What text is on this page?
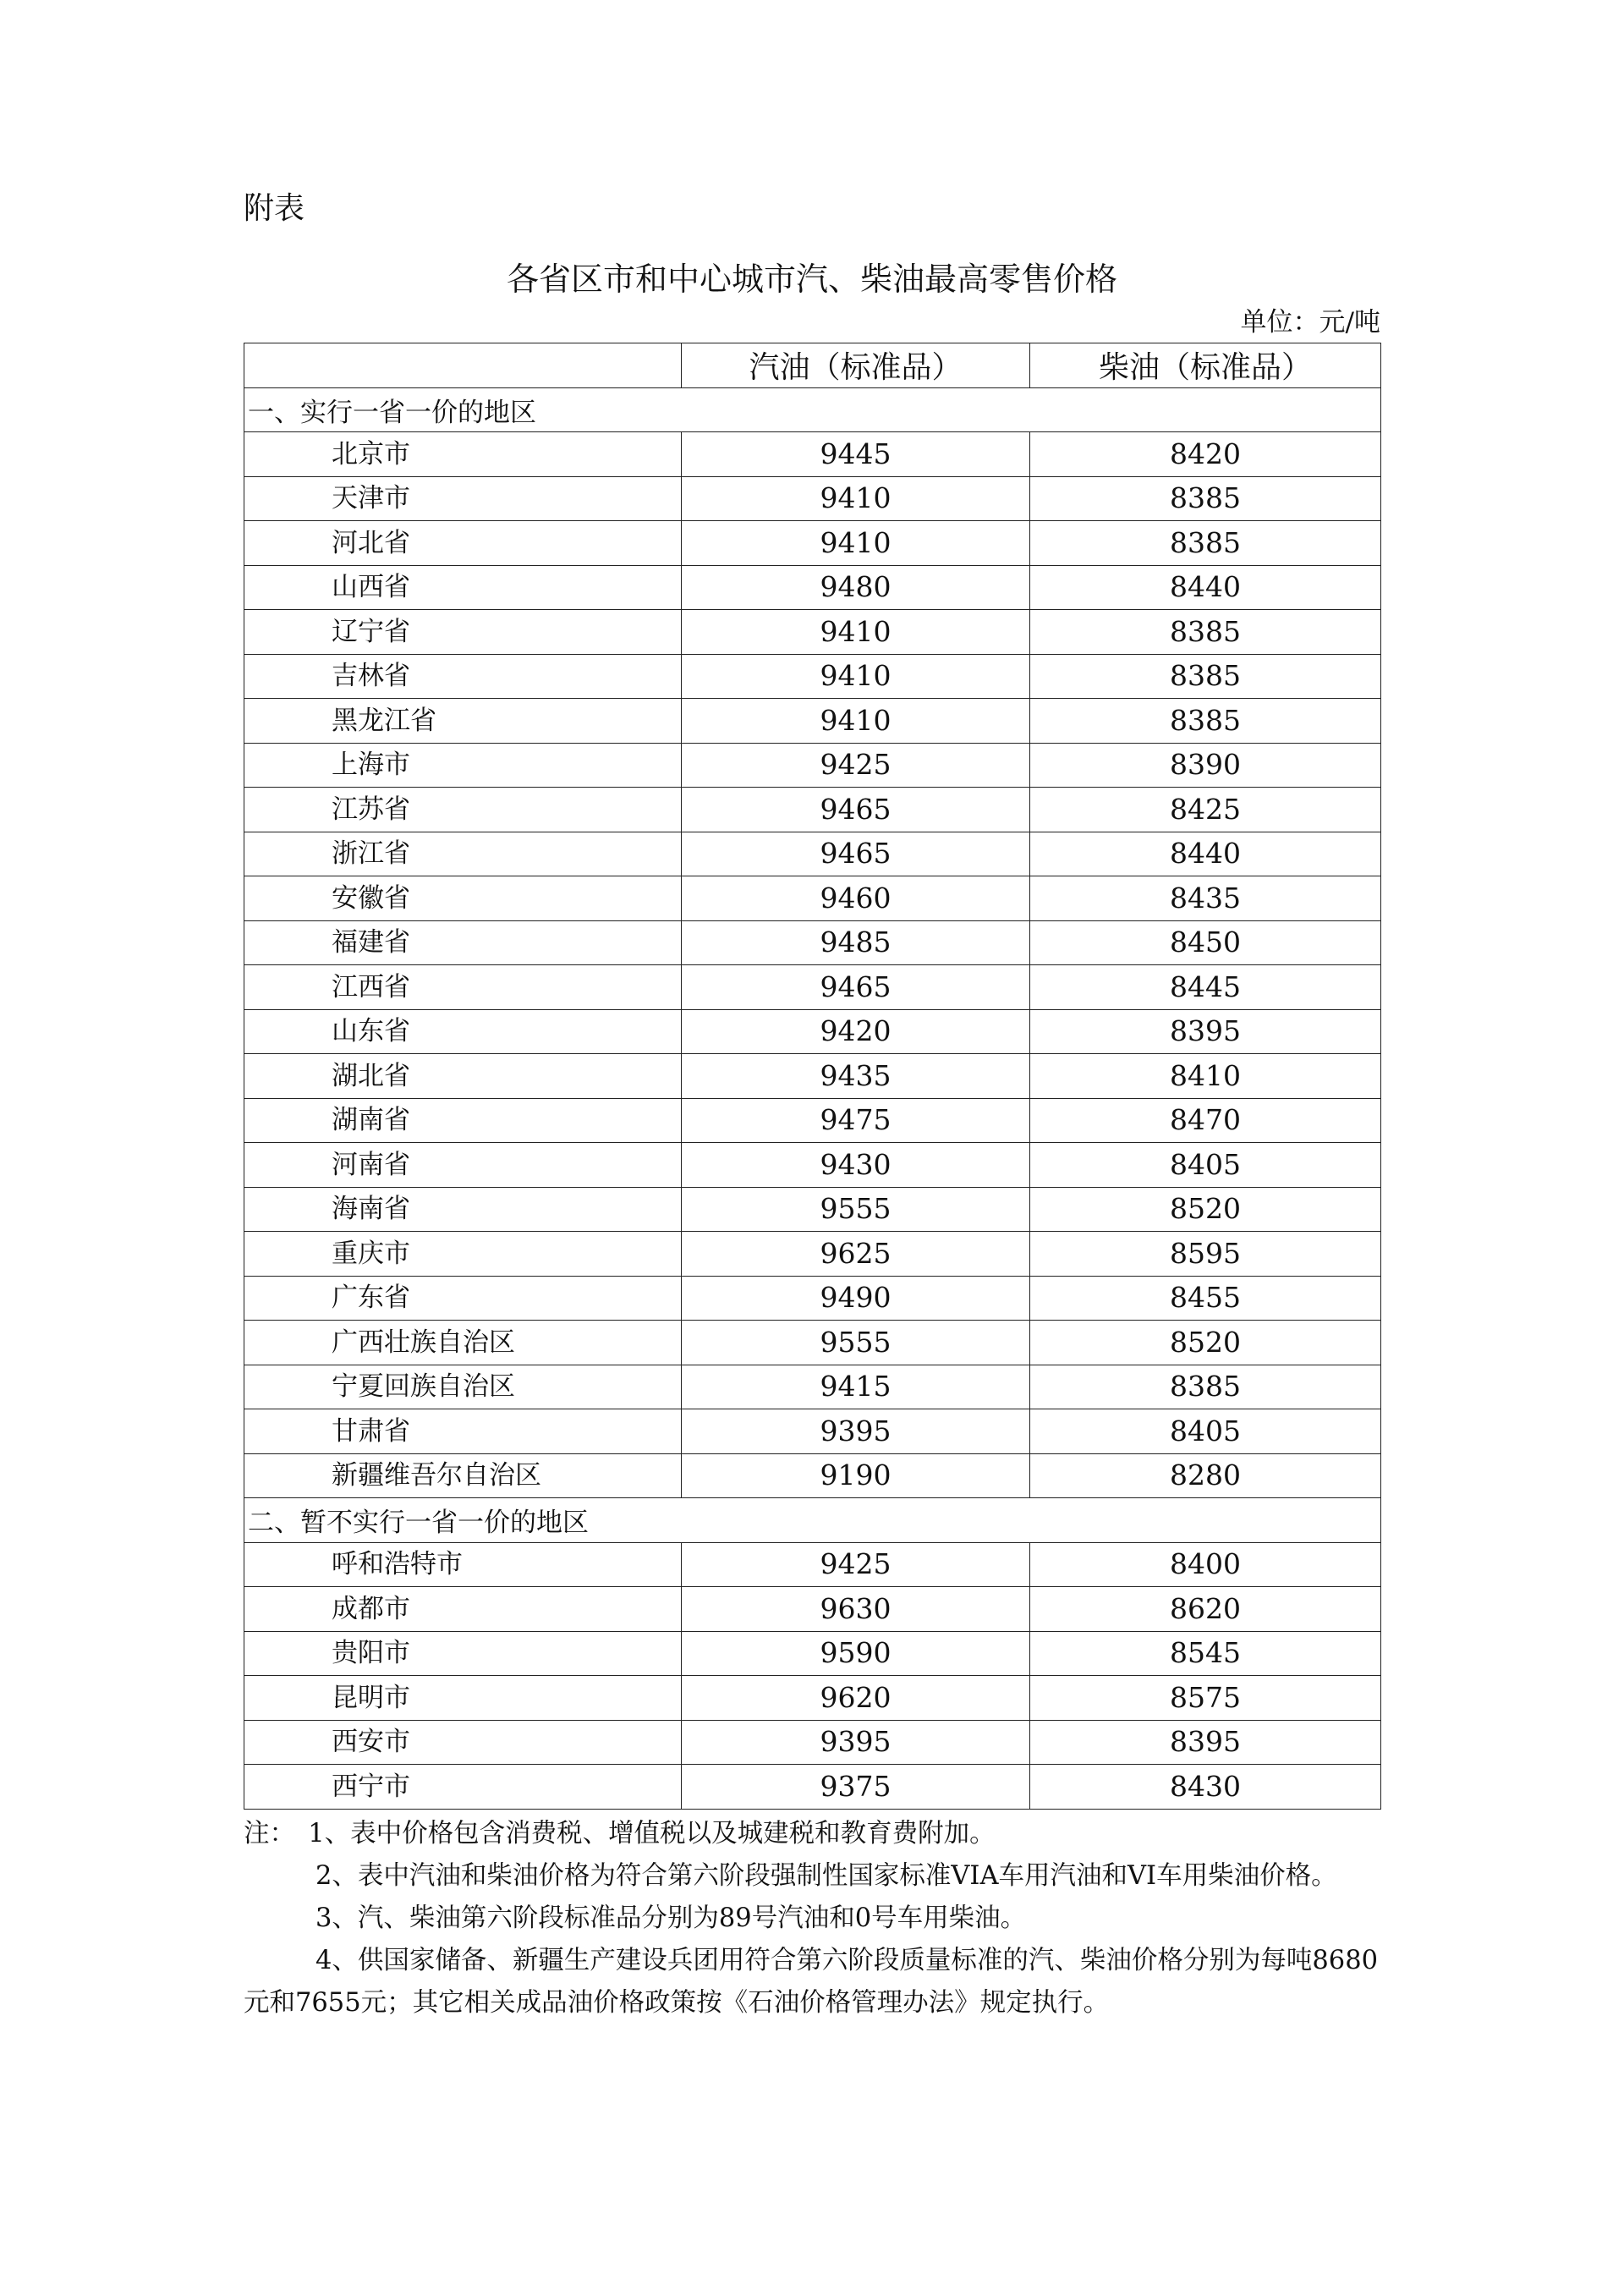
附表

各省区市和中心城市汽、柴油最高零售价格
单位：元/吨
	汽油（标准品）	柴油（标准品）
一、实行一省一价的地区		
北京市	9445	8420
天津市	9410	8385
河北省	9410	8385
山西省	9480	8440
辽宁省	9410	8385
吉林省	9410	8385
黑龙江省	9410	8385
上海市	9425	8390
江苏省	9465	8425
浙江省	9465	8440
安徽省	9460	8435
福建省	9485	8450
江西省	9465	8445
山东省	9420	8395
湖北省	9435	8410
湖南省	9475	8470
河南省	9430	8405
海南省	9555	8520
重庆市	9625	8595
广东省	9490	8455
广西壮族自治区	9555	8520
宁夏回族自治区	9415	8385
甘肃省	9395	8405
新疆维吾尔自治区	9190	8280
二、暂不实行一省一价的地区		
呼和浩特市	9425	8400
成都市	9630	8620
贵阳市	9590	8545
昆明市	9620	8575
西安市	9395	8395
西宁市	9375	8430

注：　1、表中价格包含消费税、增值税以及城建税和教育费附加。

2、表中汽油和柴油价格为符合第六阶段强制性国家标准VIA车用汽油和VI车用柴油价格。

3、汽、柴油第六阶段标准品分别为89号汽油和0号车用柴油。

4、供国家储备、新疆生产建设兵团用符合第六阶段质量标准的汽、柴油价格分别为每吨8680元和7655元；其它相关成品油价格政策按《石油价格管理办法》规定执行。
